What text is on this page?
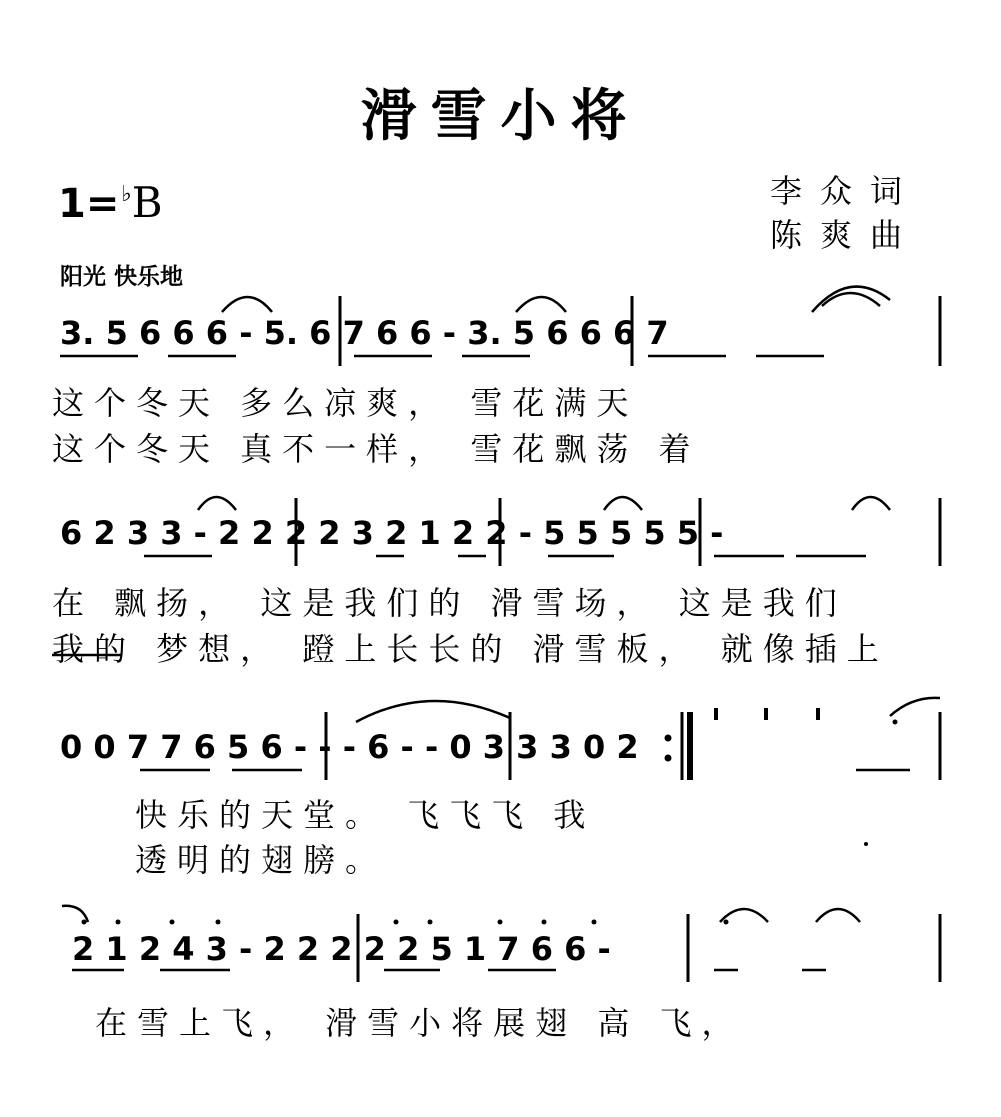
滑雪小将
1=♭B	李众词
陈爽曲
阳光 快乐地
3. 5 6 6 6 - 5. 6 7 6 6 - 3. 5 6 6 6 7
这个冬天 多么凉爽， 雪花满天
这个冬天 真不一样， 雪花飘荡 着
6 2 3 3 - 2 2 2 2 3 2 1 2 2 - 5 5 5 5 5 -
在 飘扬， 这是我们的 滑雪场， 这是我们
我的 梦想， 蹬上长长的 滑雪板， 就像插上
0 0 7 7 6 5 6 - - - 6 - - 0 3 3 3 0 2
快乐的天堂。 飞飞飞 我
透明的翅膀。
2 1 2 4 3 - 2 2 2 2 2 5 1 7 6 6 -
在雪上飞， 滑雪小将展翅 高 飞，
